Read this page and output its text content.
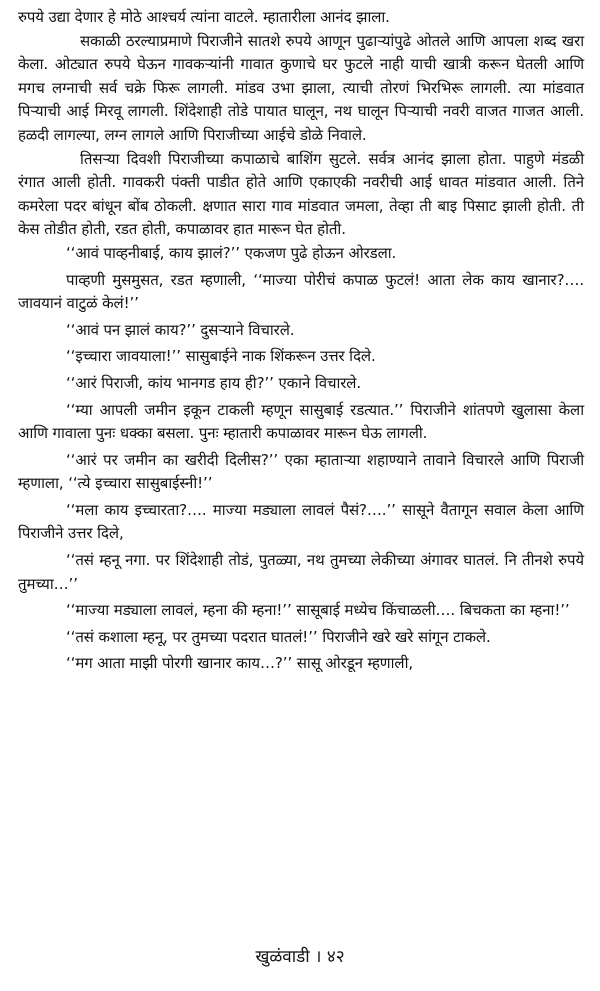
रुपये उद्या देणार हे मोठे आश्चर्य त्यांना वाटले. म्हातारीला आनंद झाला.

सकाळी ठरल्याप्रमाणे पिराजीने सातशे रुपये आणून पुढाऱ्यांपुढे ओतले आणि आपला शब्द खरा केला. ओट्यात रुपये घेऊन गावकऱ्यांनी गावात कुणाचे घर फुटले नाही याची खात्री करून घेतली आणि मगच लग्नाची सर्व चक्रे फिरू लागली. मांडव उभा झाला, त्याची तोरणं भिरभिरू लागली. त्या मांडवात पिऱ्याची आई मिरवू लागली. शिंदेशाही तोडे पायात घालून, नथ घालून पिऱ्याची नवरी वाजत गाजत आली. हळदी लागल्या, लग्न लागले आणि पिराजीच्या आईचे डोळे निवाले.

तिसऱ्या दिवशी पिराजीच्या कपाळाचे बाशिंग सुटले. सर्वत्र आनंद झाला होता. पाहुणे मंडळी रंगात आली होती. गावकरी पंक्ती पाडीत होते आणि एकाएकी नवरीची आई धावत मांडवात आली. तिने कमरेला पदर बांधून बोंब ठोकली. क्षणात सारा गाव मांडवात जमला, तेव्हा ती बाइ पिसाट झाली होती. ती केस तोडीत होती, रडत होती, कपाळावर हात मारून घेत होती.

‘‘आवं पाव्हनीबाई, काय झालं?’’ एकजण पुढे होऊन ओरडला.

पाव्हणी मुसमुसत, रडत म्हणाली, ‘‘माज्या पोरीचं कपाळ फुटलं! आता लेक काय खानार?…. जावयानं वाटुळं केलं!’’

‘‘आवं पन झालं काय?’’ दुसऱ्याने विचारले.

‘‘इच्चारा जावयाला!’’ सासुबाईने नाक शिंकरून उत्तर दिले.

‘‘आरं पिराजी, कांय भानगड हाय ही?’’ एकाने विचारले.

‘‘म्या आपली जमीन इकून टाकली म्हणून सासुबाई रडत्यात.’’ पिराजीने शांतपणे खुलासा केला आणि गावाला पुनः धक्का बसला. पुनः म्हातारी कपाळावर मारून घेऊ लागली.

‘‘आरं पर जमीन का खरीदी दिलीस?’’ एका म्हाताऱ्या शहाण्याने तावाने विचारले आणि पिराजी म्हणाला, ‘‘त्ये इच्चारा सासुबाईस्नी!’’

‘‘मला काय इच्चारता?…. माज्या मड्याला लावलं पैसं?….’’ सासूने वैतागून सवाल केला आणि पिराजीने उत्तर दिले,

‘‘तसं म्हनू नगा. पर शिंदेशाही तोडं, पुतळ्या, नथ तुमच्या लेकीच्या अंगावर घातलं. नि तीनशे रुपये तुमच्या…’’

‘‘माज्या मड्याला लावलं, म्हना की म्हना!’’ सासूबाई मध्येच किंचाळली…. बिचकता का म्हना!’’

‘‘तसं कशाला म्हनू, पर तुमच्या पदरात घातलं!’’ पिराजीने खरे खरे सांगून टाकले.

‘‘मग आता माझी पोरगी खानार काय…?’’ सासू ओरडून म्हणाली,

खुळंवाडी । ४२
